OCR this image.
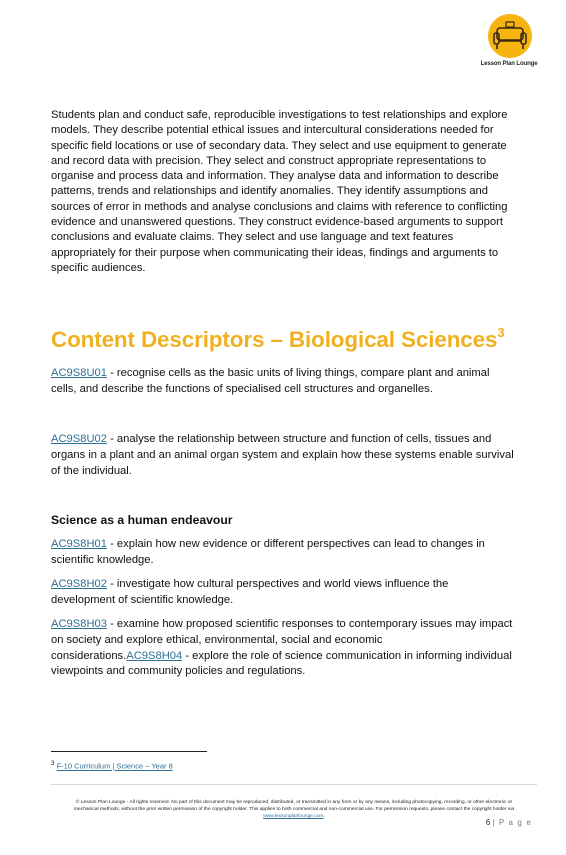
Lesson Plan Lounge

Students plan and conduct safe, reproducible investigations to test relationships and explore models. They describe potential ethical issues and intercultural considerations needed for specific field locations or use of secondary data. They select and use equipment to generate and record data with precision. They select and construct appropriate representations to organise and process data and information. They analyse data and information to describe patterns, trends and relationships and identify anomalies. They identify assumptions and sources of error in methods and analyse conclusions and claims with reference to conflicting evidence and unanswered questions. They construct evidence-based arguments to support conclusions and evaluate claims. They select and use language and text features appropriately for their purpose when communicating their ideas, findings and arguments to specific audiences.

Content Descriptors – Biological Sciences$^3$

AC9S8U01 - recognise cells as the basic units of living things, compare plant and animal cells, and describe the functions of specialised cell structures and organelles.

AC9S8U02 - analyse the relationship between structure and function of cells, tissues and organs in a plant and an animal organ system and explain how these systems enable survival of the individual.

Science as a human endeavour

AC9S8H01 - explain how new evidence or different perspectives can lead to changes in scientific knowledge.

AC9S8H02 - investigate how cultural perspectives and world views influence the development of scientific knowledge.

AC9S8H03 - examine how proposed scientific responses to contemporary issues may impact on society and explore ethical, environmental, social and economic considerations.AC9S8H04 - explore the role of science communication in informing individual viewpoints and community policies and regulations.

$^3$ F-10 Curriculum | Science – Year 8

© Lesson Plan Lounge - All rights reserved. No part of this document may be reproduced, distributed, or transmitted in any form or by any means, including photocopying, recording, or other electronic or mechanical methods, without the prior written permission of the copyright holder. This applies to both commercial and non-commercial use. For permission requests, please contact the copyright holder via www.lessonplanlounge.com.

6 | P a g e
